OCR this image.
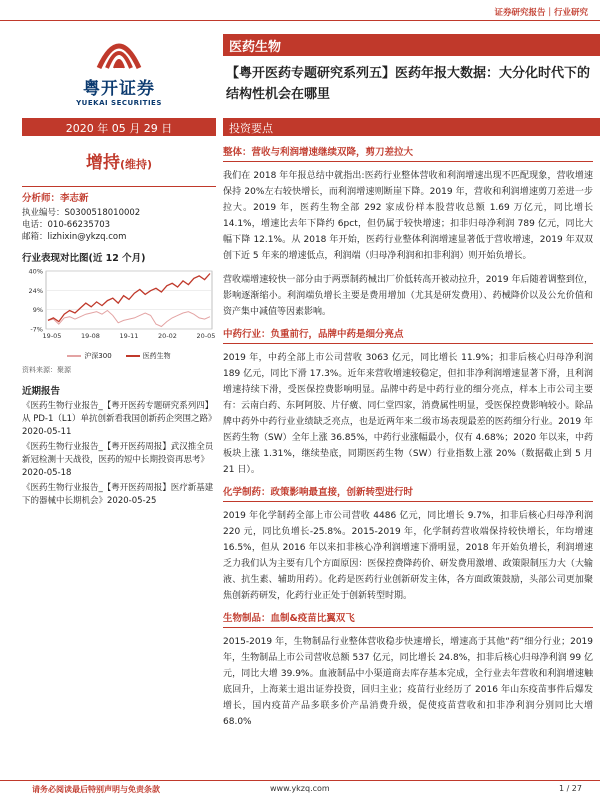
证券研究报告｜行业研究
粤开证券
YUEKAI SECURITIES
医药生物
【粤开医药专题研究系列五】医药年报大数据：大分化时代下的结构性机会在哪里
2020 年 05 月 29 日	投资要点
增持(维持)
分析师：李志新
执业编号：S0300518010002
电话：010-66235703
邮箱：lizhixin@ykzq.com
行业表现对比图(近 12 个月)
40%
24%
9%
-7%
19-05	19-08	19-11	20-02	20-05
沪深300	医药生物
资料来源：聚源
近期报告
《医药生物行业报告_【粤开医药专题研究系列四】从 PD-1（L1）单抗创新看我国创新药企突围之路》2020-05-11
《医药生物行业报告_【粤开医药周报】武汉推全员新冠检测十天战役，医药的短中长期投资再思考》2020-05-18
《医药生物行业报告_【粤开医药周报】医疗新基建下的器械中长期机会》2020-05-25
整体：营收与利润增速继续双降，剪刀差拉大

我们在 2018 年年报总结中就指出:医药行业整体营收和利润增速出现不匹配现象，营收增速保持 20%左右较快增长，而利润增速则断崖下降。2019 年，营收和利润增速剪刀差进一步拉大。2019 年，医药生物全部 292 家成份样本股营收总额 1.69 万亿元，同比增长 14.1%，增速比去年下降约 6pct，但仍属于较快增速；扣非归母净利润 789 亿元，同比大幅下降 12.1%。从 2018 年开始，医药行业整体利润增速显著低于营收增速，2019 年双双创下近 5 年来的增速低点，利润端（归母净利润和扣非利润）则开始负增长。

营收端增速较快一部分由于两票制药械出厂价低转高开被动拉升，2019 年后随着调整到位，影响逐渐缩小。利润端负增长主要是费用增加（尤其是研发费用）、药械降价以及公允价值和资产集中减值等因素影响。

中药行业：负重前行，品牌中药是细分亮点

2019 年，中药全部上市公司营收 3063 亿元，同比增长 11.9%；扣非后核心归母净利润 189 亿元，同比下滑 17.3%。近年来营收增速较稳定，但扣非净利润增速显著下滑，且利润增速持续下滑，受医保控费影响明显。品牌中药是中药行业的细分亮点，样本上市公司主要有：云南白药、东阿阿胶、片仔癀、同仁堂四家，消费属性明显，受医保控费影响较小。除品牌中药外中药行业业绩缺乏亮点，也是近两年来二级市场表现最差的医药细分行业。2019 年医药生物（SW）全年上涨 36.85%，中药行业涨幅最小，仅有 4.68%；2020 年以来，中药板块上涨 1.31%，继续垫底，同期医药生物（SW）行业指数上涨 20%（数据截止到 5 月 21 日）。

化学制药：政策影响最直接，创新转型进行时

2019 年化学制药全部上市公司营收 4486 亿元，同比增长 9.7%，扣非后核心归母净利润 220 元，同比负增长-25.8%。2015-2019 年，化学制药营收端保持较快增长，年均增速 16.5%，但从 2016 年以来扣非核心净利润增速下滑明显，2018 年开始负增长，利润增速乏力我们认为主要有几个方面原因：医保控费降药价、研发费用激增、政策限制压力大（大输液、抗生素、辅助用药）。化药是医药行业创新研发主体，各方面政策鼓励，头部公司更加聚焦创新药研发，化药行业正处于创新转型时期。

生物制品：血制&疫苗比翼双飞

2015-2019 年，生物制品行业整体营收稳步快速增长，增速高于其他“药”细分行业；2019 年，生物制品上市公司营收总额 537 亿元，同比增长 24.8%，扣非后核心归母净利润 99 亿元，同比大增 39.9%。血液制品中小渠道商去库存基本完成，全行业去年营收和利润增速触底回升，上海莱士退出证券投资，回归主业；疫苗行业经历了 2016 年山东疫苗事件后爆发增长，国内疫苗产品多联多价产品消费升级，促使疫苗营收和扣非净利润分别同比大增 68.0%

请务必阅读最后特别声明与免责条款	www.ykzq.com	1 / 27
